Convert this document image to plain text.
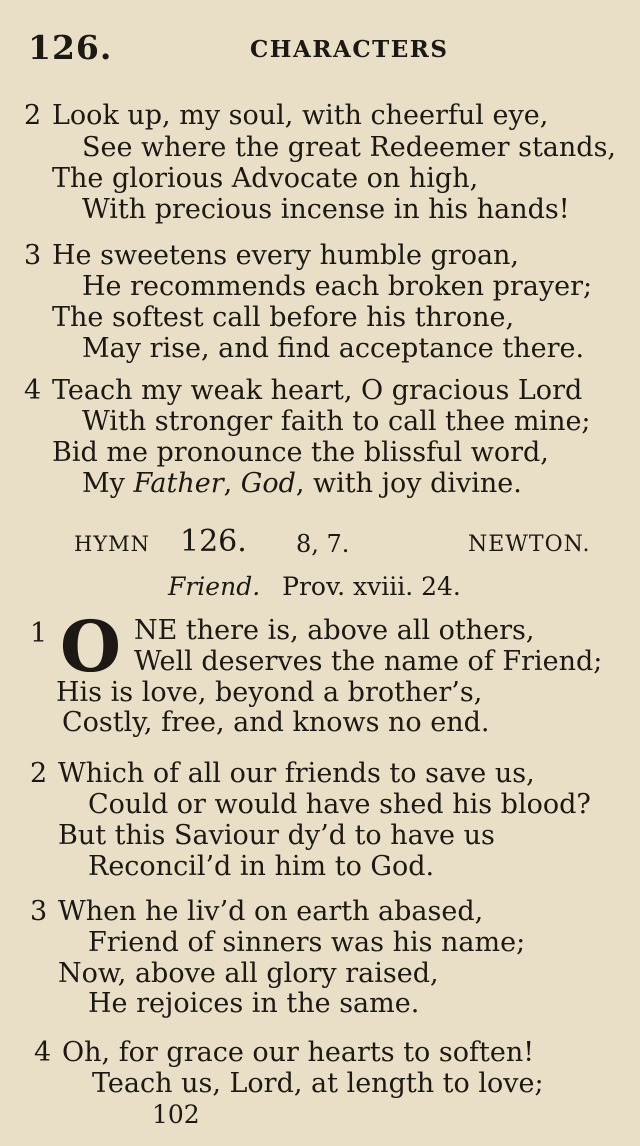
126.	CHARACTERS
2 Look up, my soul, with cheerful eye,
See where the great Redeemer stands,
The glorious Advocate on high,
With precious incense in his hands!
3 He sweetens every humble groan,
He recommends each broken prayer;
The softest call before his throne,
May rise, and find acceptance there.
4 Teach my weak heart, O gracious Lord
With stronger faith to call thee mine;
Bid me pronounce the blissful word,
My Father, God, with joy divine.
HYMN 126. 8, 7.	NEWTON.
Friend. Prov. xviii. 24.
1 O NE there is, above all others,
Well deserves the name of Friend;
His is love, beyond a brother’s,
Costly, free, and knows no end.
2 Which of all our friends to save us,
Could or would have shed his blood?
But this Saviour dy’d to have us
Reconcil’d in him to God.
3 When he liv’d on earth abased,
Friend of sinners was his name;
Now, above all glory raised,
He rejoices in the same.
4 Oh, for grace our hearts to soften!
Teach us, Lord, at length to love;
102
